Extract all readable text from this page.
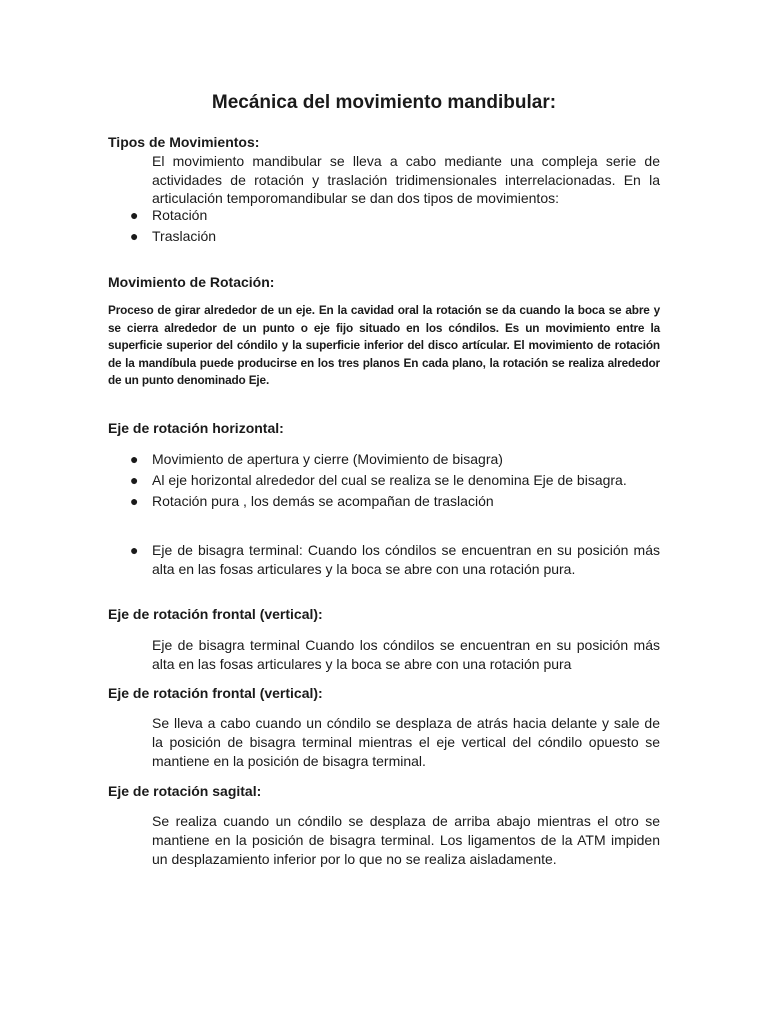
Mecánica del movimiento mandibular:
Tipos de Movimientos:

El movimiento mandibular se lleva a cabo mediante una compleja serie de actividades de rotación y traslación tridimensionales interrelacionadas. En la articulación temporomandibular se dan dos tipos de movimientos:

● Rotación
● Traslación
Movimiento de Rotación:

Proceso de girar alrededor de un eje. En la cavidad oral la rotación se da cuando la boca se abre y se cierra alrededor de un punto o eje fijo situado en los cóndilos. Es un movimiento entre la superficie superior del cóndilo y la superficie inferior del disco artícular. El movimiento de rotación de la mandíbula puede producirse en los tres planos En cada plano, la rotación se realiza alrededor de un punto denominado Eje.

Eje de rotación horizontal:
● Movimiento de apertura y cierre (Movimiento de bisagra)
● Al eje horizontal alrededor del cual se realiza se le denomina Eje de bisagra.
● Rotación pura , los demás se acompañan de traslación
● Eje de bisagra terminal: Cuando los cóndilos se encuentran en su posición más alta en las fosas articulares y la boca se abre con una rotación pura.
Eje de rotación frontal (vertical):

Eje de bisagra terminal Cuando los cóndilos se encuentran en su posición más alta en las fosas articulares y la boca se abre con una rotación pura

Eje de rotación frontal (vertical):

Se lleva a cabo cuando un cóndilo se desplaza de atrás hacia delante y sale de la posición de bisagra terminal mientras el eje vertical del cóndilo opuesto se mantiene en la posición de bisagra terminal.

Eje de rotación sagital:

Se realiza cuando un cóndilo se desplaza de arriba abajo mientras el otro se mantiene en la posición de bisagra terminal. Los ligamentos de la ATM impiden un desplazamiento inferior por lo que no se realiza aisladamente.
